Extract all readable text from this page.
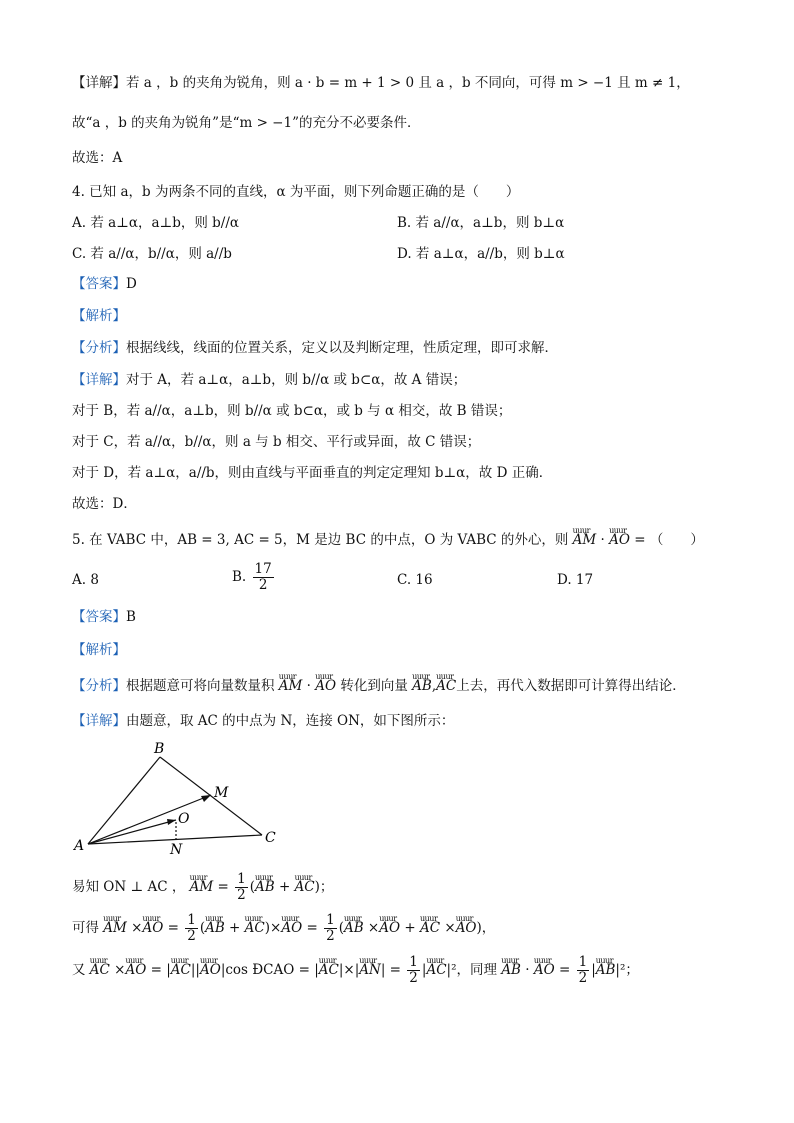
【详解】若 a ，b 的夹角为锐角，则 a · b = m + 1 > 0 且 a ，b 不同向，可得 m > −1 且 m ≠ 1，
故“a ，b 的夹角为锐角”是“m > −1”的充分不必要条件．
故选：A
4. 已知 a，b 为两条不同的直线，α 为平面，则下列命题正确的是（　　）
A. 若 a⊥α，a⊥b，则 b//α	B. 若 a//α，a⊥b，则 b⊥α
C. 若 a//α，b//α，则 a//b	D. 若 a⊥α，a//b，则 b⊥α
【答案】D
【解析】
【分析】根据线线，线面的位置关系，定义以及判断定理，性质定理，即可求解．
【详解】对于 A，若 a⊥α，a⊥b，则 b//α 或 b⊂α，故 A 错误；
对于 B，若 a//α，a⊥b，则 b//α 或 b⊂α，或 b 与 α 相交，故 B 错误；
对于 C，若 a//α，b//α，则 a 与 b 相交、平行或异面，故 C 错误；
对于 D，若 a⊥α，a//b，则由直线与平面垂直的判定定理知 b⊥α，故 D 正确．
故选：D．
5. 在 VABC 中，AB = 3, AC = 5，M 是边 BC 的中点，O 为 VABC 的外心，则 uuur AM · uuur AO = （　　）
A. 8	B. $\frac{17}{2}$	C. 16	D. 17
【答案】B
【解析】
【分析】根据题意可将向量数量积 uuur AM · uuur AO 转化到向量 uuur AB,uuur AC上去，再代入数据即可计算得出结论．
【详解】由题意，取 AC 的中点为 N，连接 ON，如下图所示：
B
M
O
A	N
C
易知 ON ⊥ AC ， uuur AM = $\frac{1}{2}$ (uuur AB + uuur AC)；
可得 uuur AM ×uuur AO = $\frac{1}{2}$ (uuur AB + uuur AC)×uuur AO = $\frac{1}{2}$ (uuur AB ×uuur AO + uuur AC ×uuur AO)，
又 uuur AC ×uuur AO = |uuur AC||uuur AO|cos ÐCAO = |uuur AC|×|uuur $AN| = \frac{1}{2}$ |uuur AC|²，同理 uuur AB · uuur AO = $\frac{1}{2}$ |uuur AB|²；
